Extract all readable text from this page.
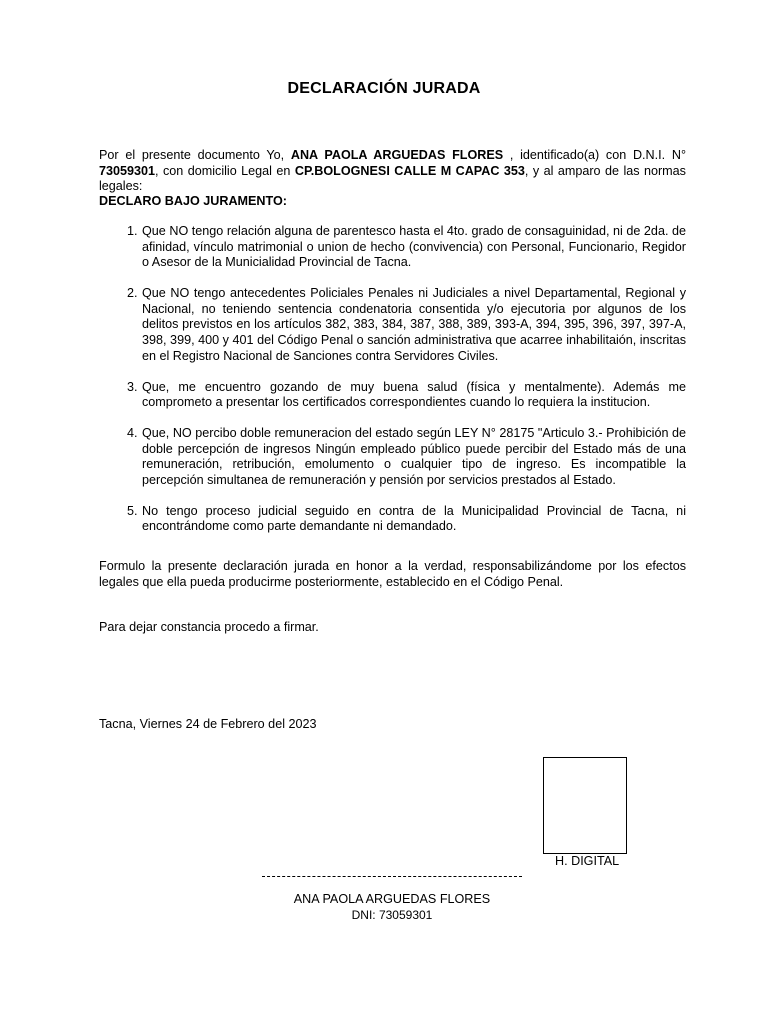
DECLARACIÓN JURADA
Por el presente documento Yo, ANA PAOLA ARGUEDAS FLORES , identificado(a) con D.N.I. N° 73059301, con domicilio Legal en CP.BOLOGNESI CALLE M CAPAC 353, y al amparo de las normas legales:
DECLARO BAJO JURAMENTO:
1. Que NO tengo relación alguna de parentesco hasta el 4to. grado de consaguinidad, ni de 2da. de afinidad, vínculo matrimonial o union de hecho (convivencia) con Personal, Funcionario, Regidor o Asesor de la Municialidad Provincial de Tacna.
2. Que NO tengo antecedentes Policiales Penales ni Judiciales a nivel Departamental, Regional y Nacional, no teniendo sentencia condenatoria consentida y/o ejecutoria por algunos de los delitos previstos en los artículos 382, 383, 384, 387, 388, 389, 393-A, 394, 395, 396, 397, 397-A, 398, 399, 400 y 401 del Código Penal o sanción administrativa que acarree inhabilitaión, inscritas en el Registro Nacional de Sanciones contra Servidores Civiles.
3. Que, me encuentro gozando de muy buena salud (física y mentalmente). Además me comprometo a presentar los certificados correspondientes cuando lo requiera la institucion.
4. Que, NO percibo doble remuneracion del estado según LEY N° 28175 "Articulo 3.- Prohibición de doble percepción de ingresos Ningún empleado público puede percibir del Estado más de una remuneración, retribución, emolumento o cualquier tipo de ingreso. Es incompatible la percepción simultanea de remuneración y pensión por servicios prestados al Estado.
5. No tengo proceso judicial seguido en contra de la Municipalidad Provincial de Tacna, ni encontrándome como parte demandante ni demandado.
Formulo la presente declaración jurada en honor a la verdad, responsabilizándome por los efectos legales que ella pueda producirme posteriormente, establecido en el Código Penal.
Para dejar constancia procedo a firmar.
Tacna, Viernes 24 de Febrero del 2023
H. DIGITAL
ANA PAOLA ARGUEDAS FLORES
DNI: 73059301
